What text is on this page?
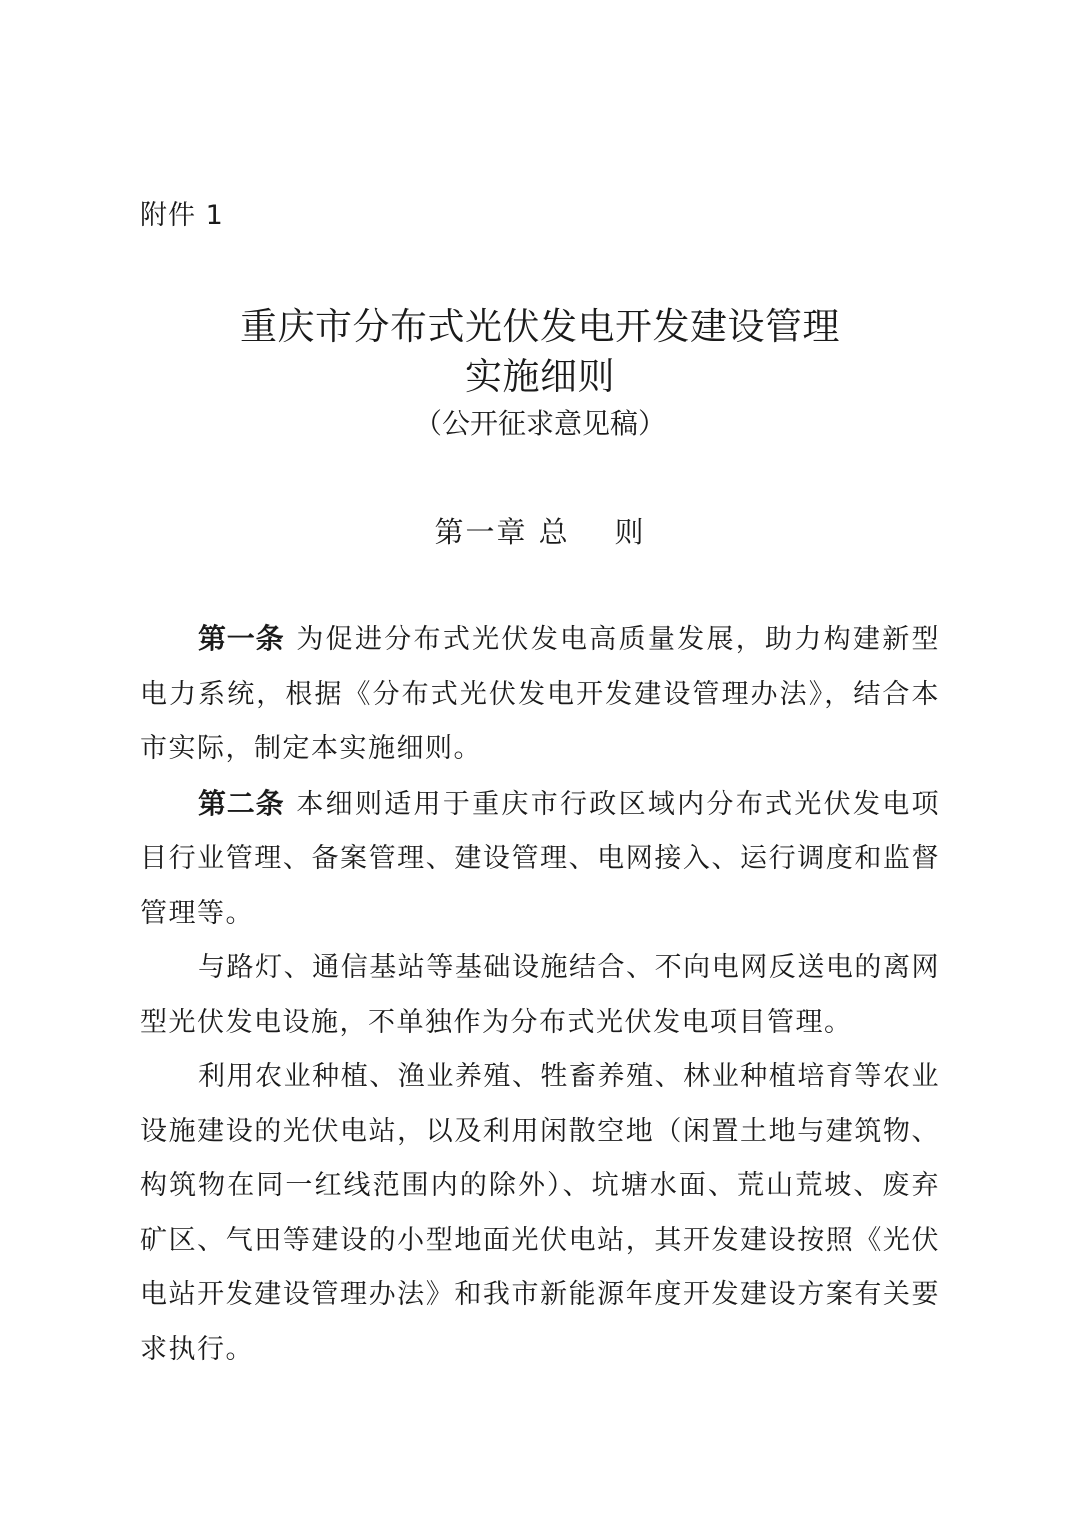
附件 1
重庆市分布式光伏发电开发建设管理
实施细则
（公开征求意见稿）
第一章 总    则

第一条 为促进分布式光伏发电高质量发展，助力构建新型电力系统，根据《分布式光伏发电开发建设管理办法》，结合本市实际，制定本实施细则。

第二条 本细则适用于重庆市行政区域内分布式光伏发电项目行业管理、备案管理、建设管理、电网接入、运行调度和监督管理等。

与路灯、通信基站等基础设施结合、不向电网反送电的离网型光伏发电设施，不单独作为分布式光伏发电项目管理。

利用农业种植、渔业养殖、牲畜养殖、林业种植培育等农业设施建设的光伏电站，以及利用闲散空地（闲置土地与建筑物、构筑物在同一红线范围内的除外）、坑塘水面、荒山荒坡、废弃矿区、气田等建设的小型地面光伏电站，其开发建设按照《光伏电站开发建设管理办法》和我市新能源年度开发建设方案有关要求执行。
